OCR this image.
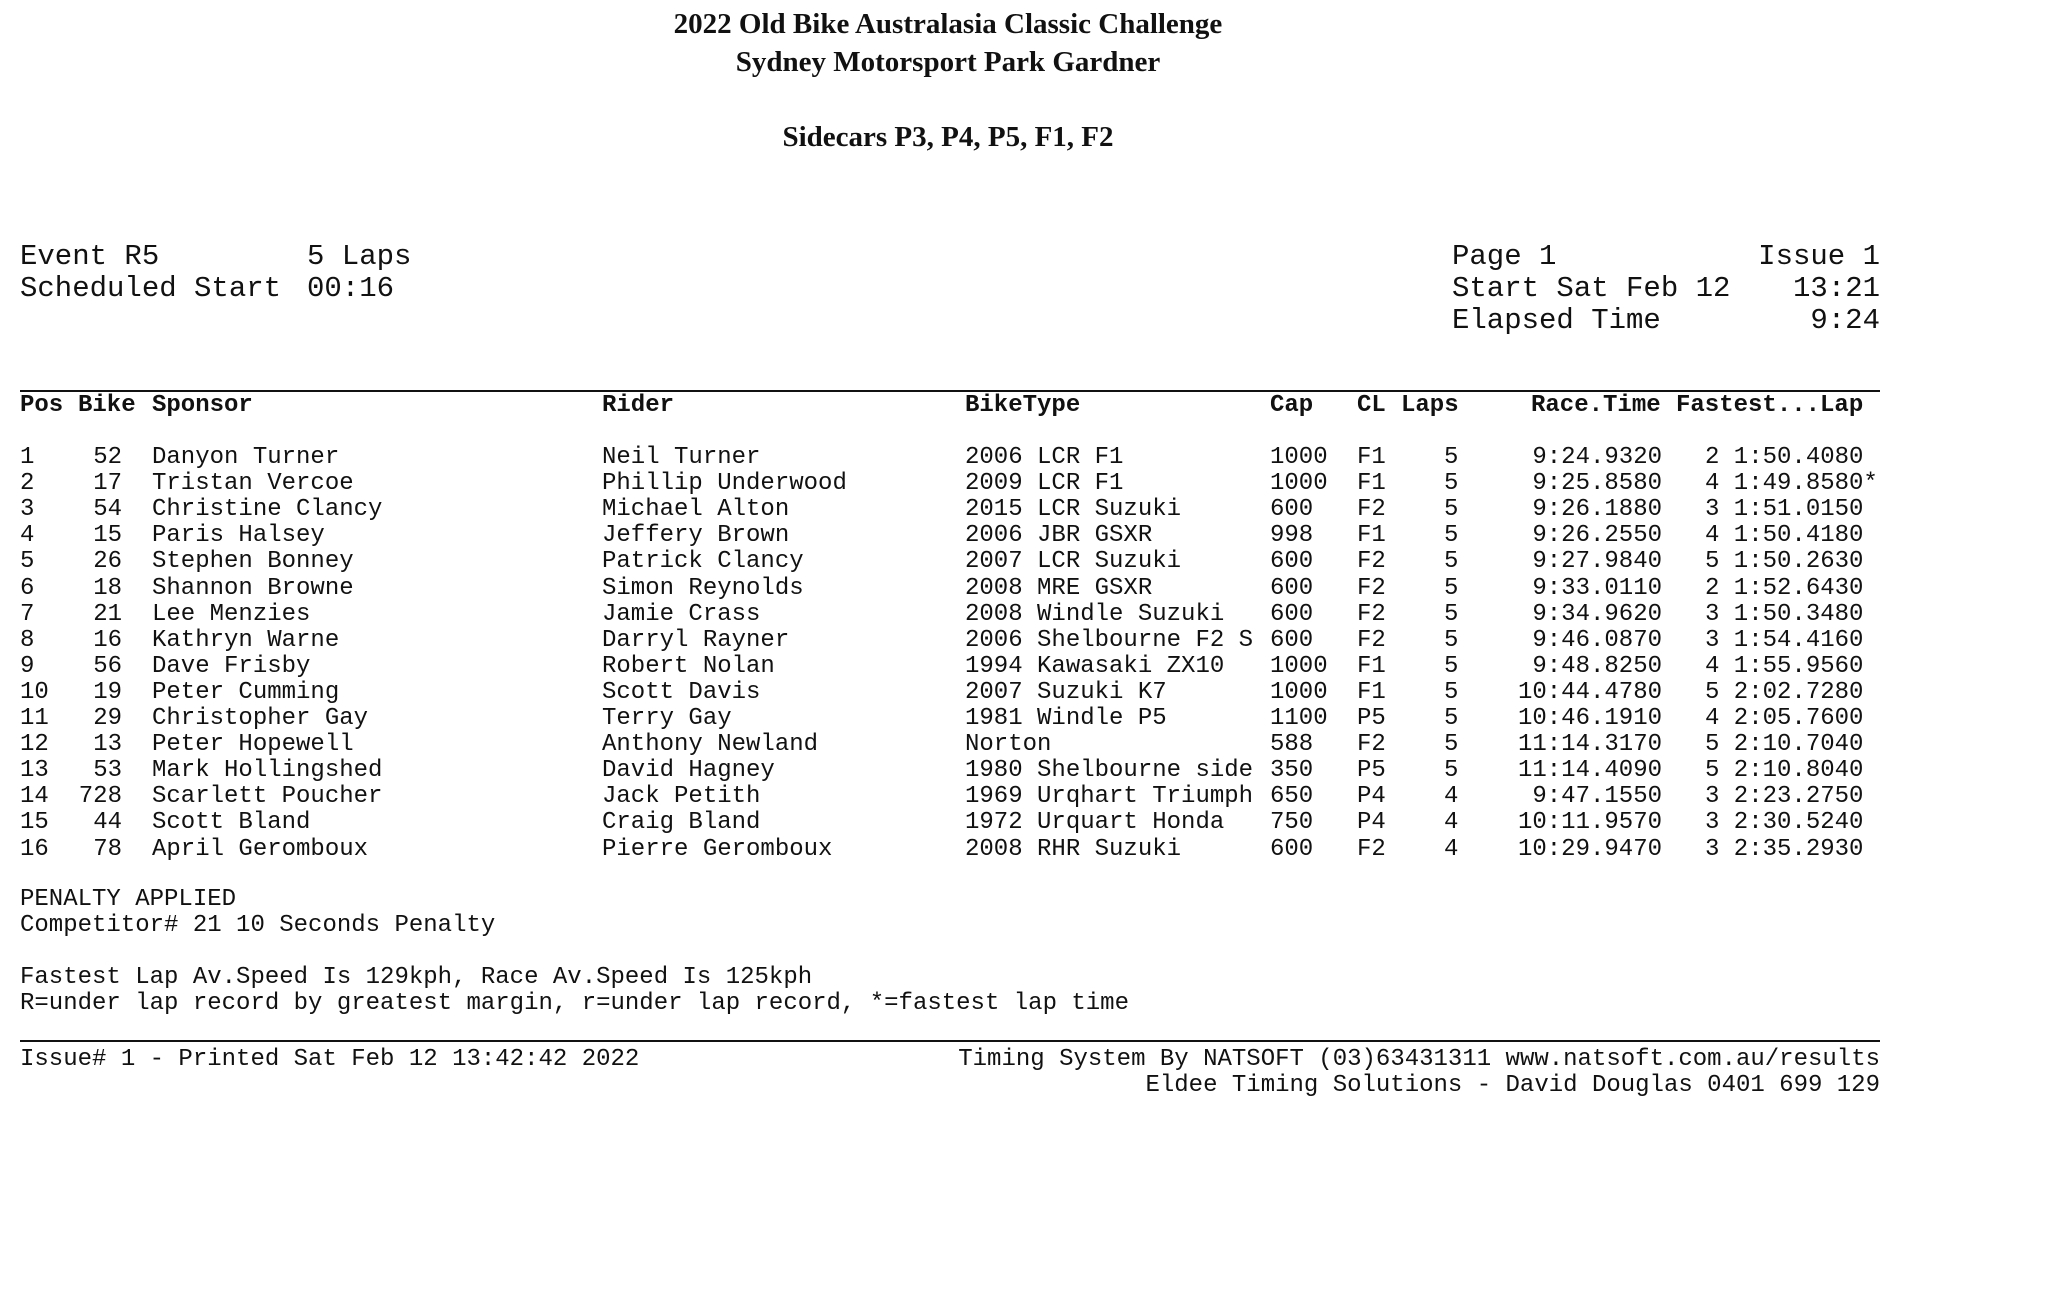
2022 Old Bike Australasia Classic Challenge
Sydney Motorsport Park Gardner
Sidecars P3, P4, P5, F1, F2
Event R5	5 Laps
Scheduled Start 00:16
Page 1	Issue 1
Start Sat Feb 12 13:21
Elapsed Time	9:24
Pos Bike Sponsor	Rider	BikeType	Cap CL Laps	Race.Time Fastest...Lap
1 52 Danyon Turner	Neil Turner	2006 LCR F1	1000 F1 5	9:24.9320 2 1:50.4080
2 17 Tristan Vercoe	Phillip Underwood	2009 LCR F1	1000 F1 5	9:25.8580 4 1:49.8580*
3 54 Christine Clancy	Michael Alton	2015 LCR Suzuki	600 F2 5	9:26.1880 3 1:51.0150
4 15 Paris Halsey	Jeffery Brown	2006 JBR GSXR	998 F1 5	9:26.2550 4 1:50.4180
5 26 Stephen Bonney	Patrick Clancy	2007 LCR Suzuki	600 F2 5	9:27.9840 5 1:50.2630
6 18 Shannon Browne	Simon Reynolds	2008 MRE GSXR	600 F2 5	9:33.0110 2 1:52.6430
7 21 Lee Menzies	Jamie Crass	2008 Windle Suzuki 600 F2 5	9:34.9620 3 1:50.3480
8 16 Kathryn Warne	Darryl Rayner	2006 Shelbourne F2 S 600 F2 5	9:46.0870 3 1:54.4160
9 56 Dave Frisby	Robert Nolan	1994 Kawasaki ZX10 1000 F1 5	9:48.8250 4 1:55.9560
10 19 Peter Cumming	Scott Davis	2007 Suzuki K7	1000 F1 5 10:44.4780 5 2:02.7280
11 29 Christopher Gay	Terry Gay	1981 Windle P5	1100 P5 5 10:46.1910 4 2:05.7600
12 13 Peter Hopewell	Anthony Newland	Norton	588 F2 5 11:14.3170 5 2:10.7040
13 53 Mark Hollingshed	David Hagney	1980 Shelbourne side 350 P5 5 11:14.4090 5 2:10.8040
14 728 Scarlett Poucher	Jack Petith	1969 Urqhart Triumph 650 P4 4	9:47.1550 3 2:23.2750
15 44 Scott Bland	Craig Bland	1972 Urquart Honda 750 P4 4 10:11.9570 3 2:30.5240
16 78 April Geromboux	Pierre Geromboux	2008 RHR Suzuki	600 F2 4 10:29.9470 3 2:35.2930
PENALTY APPLIED
Competitor# 21 10 Seconds Penalty
Fastest Lap Av.Speed Is 129kph, Race Av.Speed Is 125kph
R=under lap record by greatest margin, r=under lap record, *=fastest lap time
Issue# 1 - Printed Sat Feb 12 13:42:42 2022	Timing System By NATSOFT (03)63431311 www.natsoft.com.au/results
Eldee Timing Solutions - David Douglas 0401 699 129
